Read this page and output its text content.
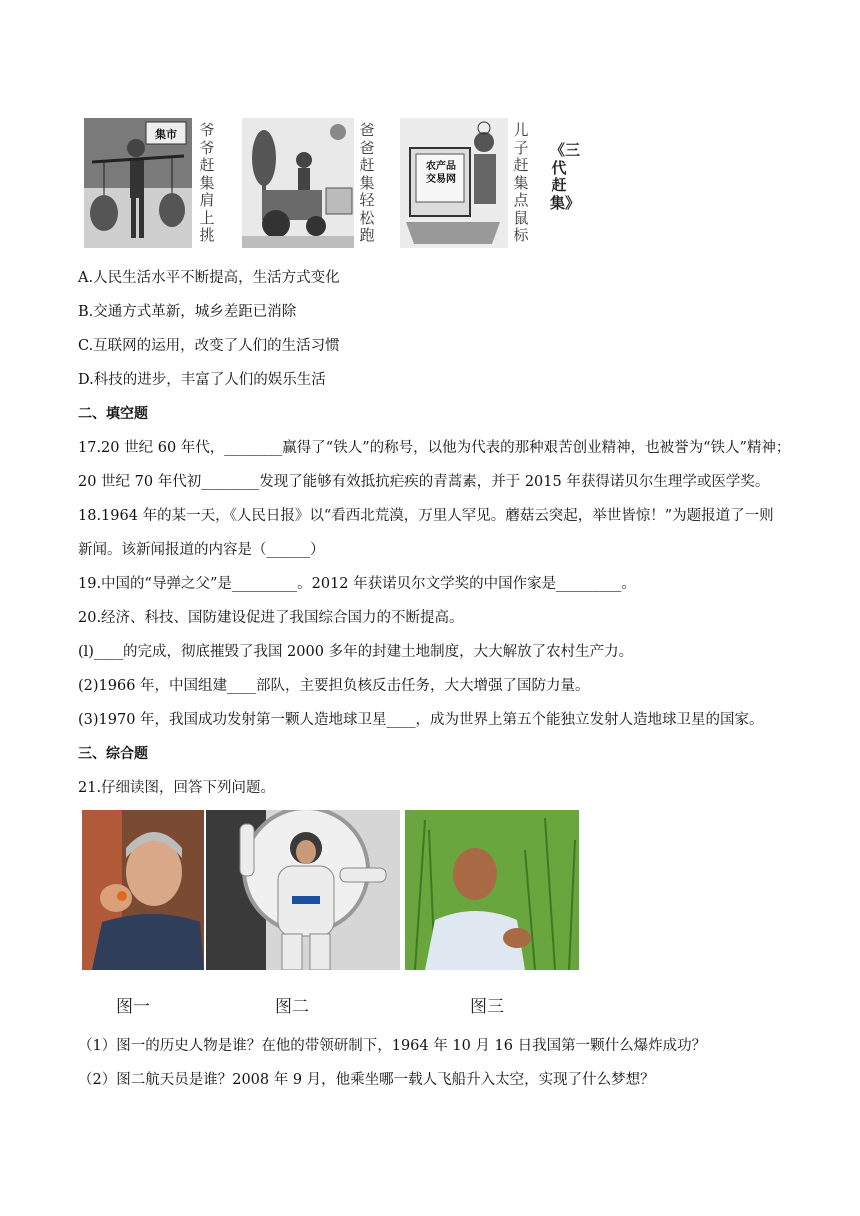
集市	爷爷赶集肩上挑
爸爸赶集轻松跑
农产品交易网
儿子赶集点鼠标
《三代赶集》
A.人民生活水平不断提高，生活方式变化
B.交通方式革新，城乡差距已消除
C.互联网的运用，改变了人们的生活习惯
D.科技的进步，丰富了人们的娱乐生活
二、填空题
17.20 世纪 60 年代，________赢得了“铁人”的称号，以他为代表的那种艰苦创业精神，也被誉为“铁人”精神；
20 世纪 70 年代初________发现了能够有效抵抗疟疾的青蒿素，并于 2015 年获得诺贝尔生理学或医学奖。
18.1964 年的某一天，《人民日报》以“看西北荒漠，万里人罕见。蘑菇云突起，举世皆惊！”为题报道了一则
新闻。该新闻报道的内容是（______）
19.中国的“导弹之父”是_________。2012 年获诺贝尔文学奖的中国作家是_________。
20.经济、科技、国防建设促进了我国综合国力的不断提高。
(l)____的完成，彻底摧毁了我国 2000 多年的封建土地制度，大大解放了农村生产力。
(2)1966 年，中国组建____部队，主要担负核反击任务，大大增强了国防力量。
(3)1970 年，我国成功发射第一颗人造地球卫星____，成为世界上第五个能独立发射人造地球卫星的国家。
三、综合题
21.仔细读图，回答下列问题。
图一	图二	图三
（1）图一的历史人物是谁？在他的带领研制下，1964 年 10 月 16 日我国第一颗什么爆炸成功？
（2）图二航天员是谁？2008 年 9 月，他乘坐哪一载人飞船升入太空，实现了什么梦想？
